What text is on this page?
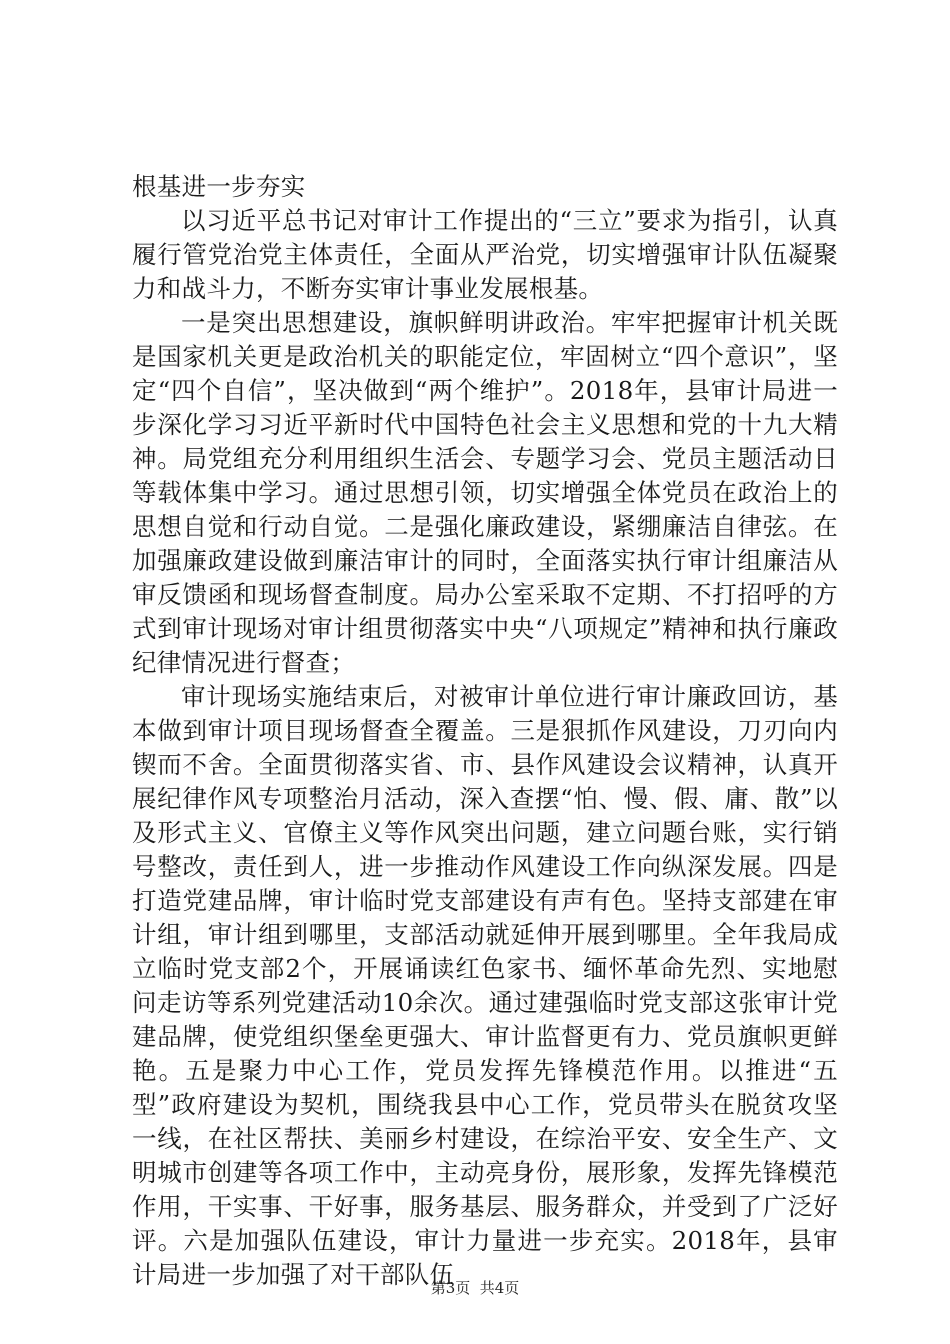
根基进一步夯实

以习近平总书记对审计工作提出的“三立”要求为指引，认真履行管党治党主体责任，全面从严治党，切实增强审计队伍凝聚力和战斗力，不断夯实审计事业发展根基。

一是突出思想建设，旗帜鲜明讲政治。牢牢把握审计机关既是国家机关更是政治机关的职能定位，牢固树立“四个意识”，坚定“四个自信”，坚决做到“两个维护”。2018年，县审计局进一步深化学习习近平新时代中国特色社会主义思想和党的十九大精神。局党组充分利用组织生活会、专题学习会、党员主题活动日等载体集中学习。通过思想引领，切实增强全体党员在政治上的思想自觉和行动自觉。二是强化廉政建设，紧绷廉洁自律弦。在加强廉政建设做到廉洁审计的同时，全面落实执行审计组廉洁从审反馈函和现场督查制度。局办公室采取不定期、不打招呼的方式到审计现场对审计组贯彻落实中央“八项规定”精神和执行廉政纪律情况进行督查；

审计现场实施结束后，对被审计单位进行审计廉政回访，基本做到审计项目现场督查全覆盖。三是狠抓作风建设，刀刃向内锲而不舍。全面贯彻落实省、市、县作风建设会议精神，认真开展纪律作风专项整治月活动，深入查摆“怕、慢、假、庸、散”以及形式主义、官僚主义等作风突出问题，建立问题台账，实行销号整改，责任到人，进一步推动作风建设工作向纵深发展。四是打造党建品牌，审计临时党支部建设有声有色。坚持支部建在审计组，审计组到哪里，支部活动就延伸开展到哪里。全年我局成立临时党支部2个，开展诵读红色家书、缅怀革命先烈、实地慰问走访等系列党建活动10余次。通过建强临时党支部这张审计党建品牌，使党组织堡垒更强大、审计监督更有力、党员旗帜更鲜艳。五是聚力中心工作，党员发挥先锋模范作用。以推进“五型”政府建设为契机，围绕我县中心工作，党员带头在脱贫攻坚一线，在社区帮扶、美丽乡村建设，在综治平安、安全生产、文明城市创建等各项工作中，主动亮身份，展形象，发挥先锋模范作用，干实事、干好事，服务基层、服务群众，并受到了广泛好评。六是加强队伍建设，审计力量进一步充实。2018年，县审计局进一步加强了对干部队伍

第3页  共4页
